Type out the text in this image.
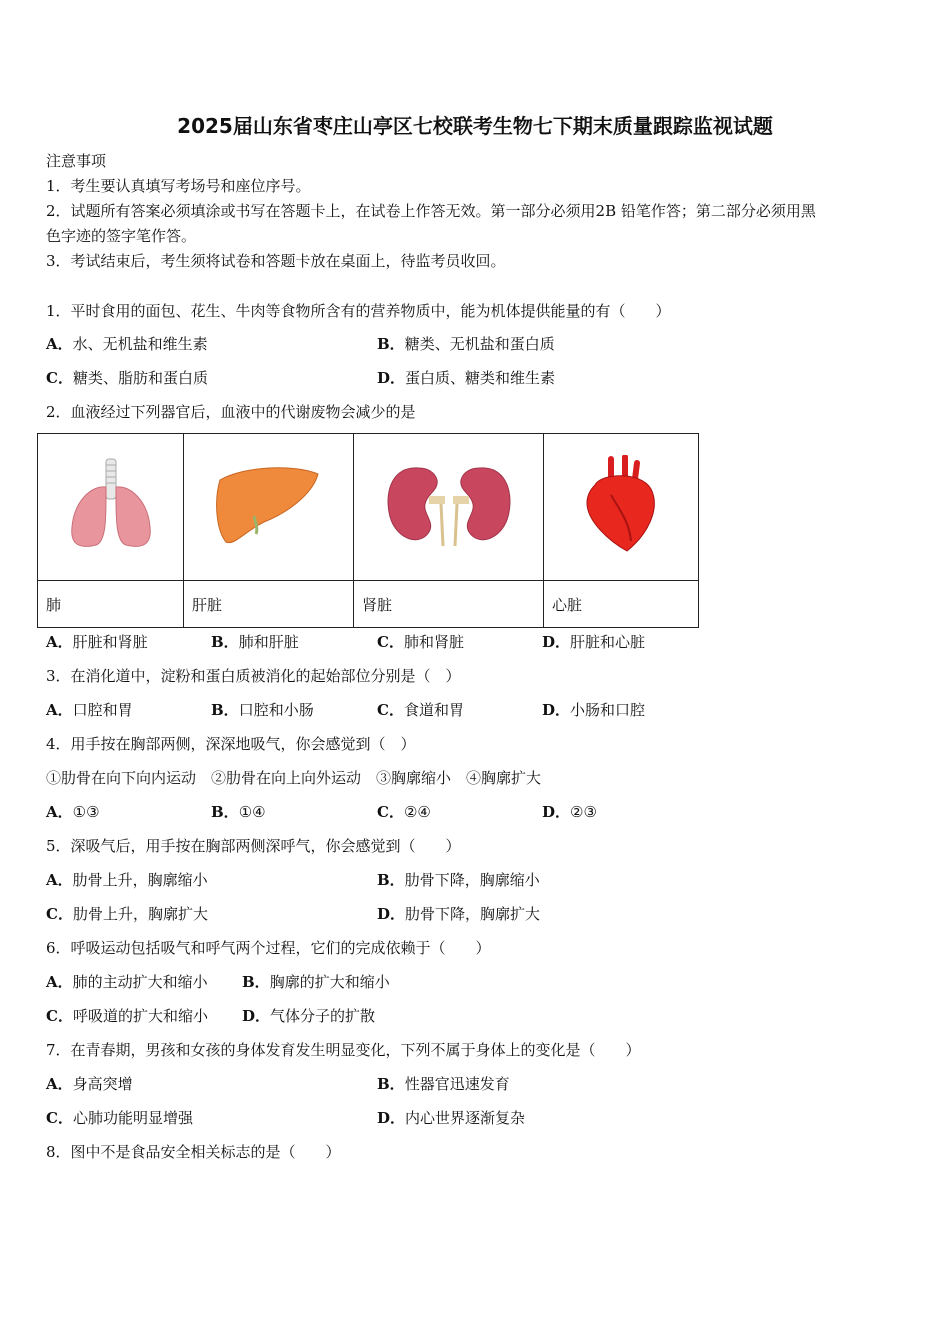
2025届山东省枣庄山亭区七校联考生物七下期末质量跟踪监视试题
注意事项
1．考生要认真填写考场号和座位序号。
2．试题所有答案必须填涂或书写在答题卡上，在试卷上作答无效。第一部分必须用2B 铅笔作答；第二部分必须用黑
色字迹的签字笔作答。
3．考试结束后，考生须将试卷和答题卡放在桌面上，待监考员收回。
1．平时食用的面包、花生、牛肉等食物所含有的营养物质中，能为机体提供能量的有（　　）
A．水、无机盐和维生素	B．糖类、无机盐和蛋白质
C．糖类、脂肪和蛋白质	D．蛋白质、糖类和维生素
2．血液经过下列器官后，血液中的代谢废物会减少的是

肺	肝脏	肾脏	心脏
A．肝脏和肾脏	B．肺和肝脏	C．肺和肾脏	D．肝脏和心脏
3．在消化道中，淀粉和蛋白质被消化的起始部位分别是（　）
A．口腔和胃	B．口腔和小肠	C．食道和胃	D．小肠和口腔
4．用手按在胸部两侧，深深地吸气，你会感觉到（　）
①肋骨在向下向内运动　②肋骨在向上向外运动　③胸廓缩小　④胸廓扩大
A．①③	B．①④	C．②④	D．②③
5．深吸气后，用手按在胸部两侧深呼气，你会感觉到（　　）
A．肋骨上升，胸廓缩小	B．肋骨下降，胸廓缩小
C．肋骨上升，胸廓扩大	D．肋骨下降，胸廓扩大
6．呼吸运动包括吸气和呼气两个过程，它们的完成依赖于（　　）
A．肺的主动扩大和缩小 B．胸廓的扩大和缩小
C．呼吸道的扩大和缩小 D．气体分子的扩散
7．在青春期，男孩和女孩的身体发育发生明显变化，下列不属于身体上的变化是（　　）
A．身高突增	B．性器官迅速发育
C．心肺功能明显增强	D．内心世界逐渐复杂
8．图中不是食品安全相关标志的是（　　）
